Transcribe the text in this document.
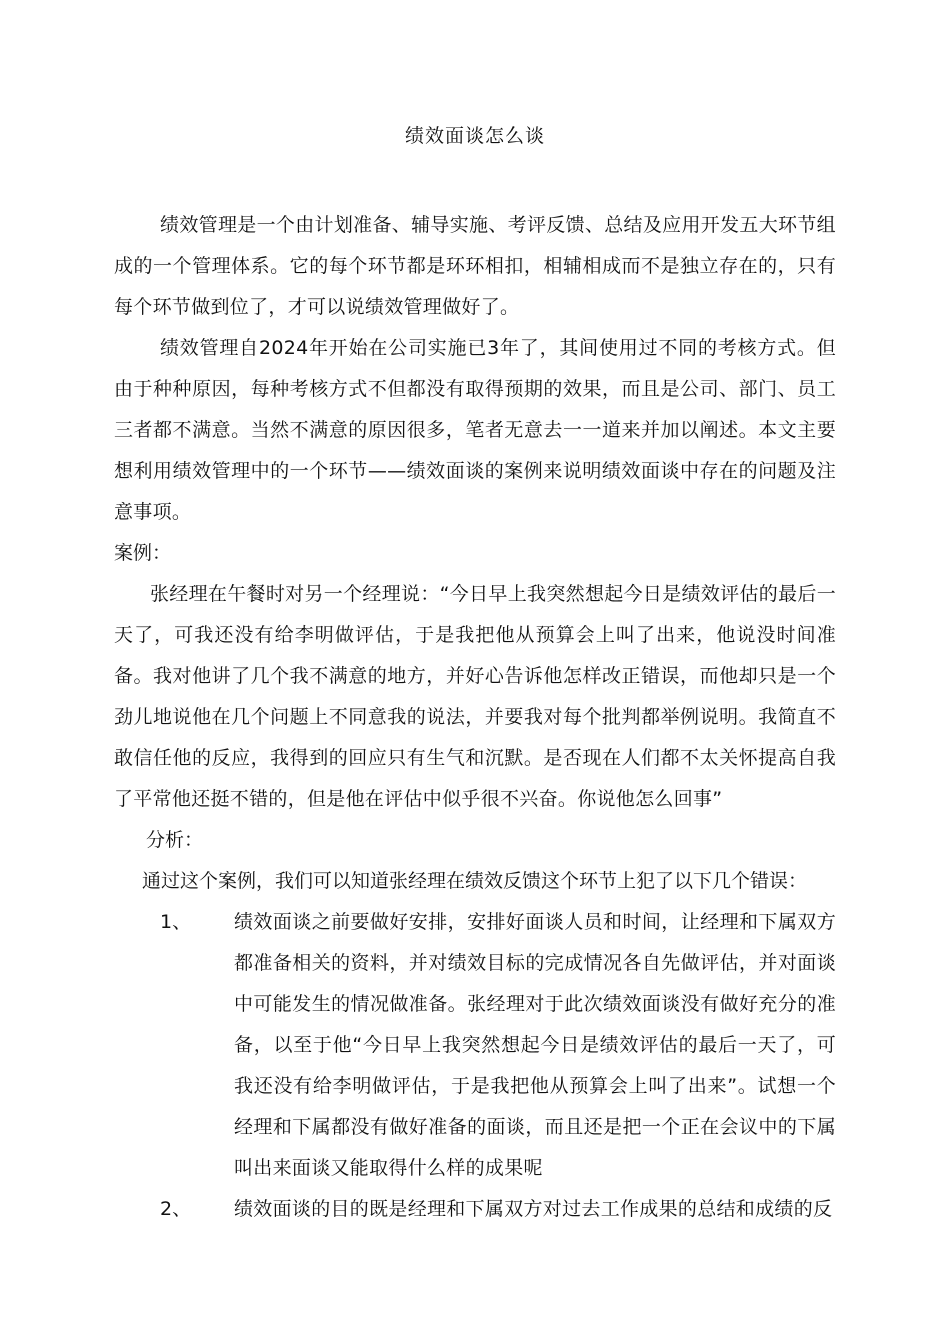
绩效面谈怎么谈

绩效管理是一个由计划准备、辅导实施、考评反馈、总结及应用开发五大环节组成的一个管理体系。它的每个环节都是环环相扣，相辅相成而不是独立存在的，只有每个环节做到位了，才可以说绩效管理做好了。

绩效管理自2024年开始在公司实施已3年了，其间使用过不同的考核方式。但由于种种原因，每种考核方式不但都没有取得预期的效果，而且是公司、部门、员工三者都不满意。当然不满意的原因很多，笔者无意去一一道来并加以阐述。本文主要想利用绩效管理中的一个环节——绩效面谈的案例来说明绩效面谈中存在的问题及注意事项。

案例：

张经理在午餐时对另一个经理说：“今日早上我突然想起今日是绩效评估的最后一天了，可我还没有给李明做评估，于是我把他从预算会上叫了出来，他说没时间准备。我对他讲了几个我不满意的地方，并好心告诉他怎样改正错误，而他却只是一个劲儿地说他在几个问题上不同意我的说法，并要我对每个批判都举例说明。我简直不敢信任他的反应，我得到的回应只有生气和沉默。是否现在人们都不太关怀提高自我了平常他还挺不错的，但是他在评估中似乎很不兴奋。你说他怎么回事”

分析：

通过这个案例，我们可以知道张经理在绩效反馈这个环节上犯了以下几个错误：

1、 绩效面谈之前要做好安排，安排好面谈人员和时间，让经理和下属双方都准备相关的资料，并对绩效目标的完成情况各自先做评估，并对面谈中可能发生的情况做准备。张经理对于此次绩效面谈没有做好充分的准备，以至于他“今日早上我突然想起今日是绩效评估的最后一天了，可我还没有给李明做评估，于是我把他从预算会上叫了出来”。试想一个经理和下属都没有做好准备的面谈，而且还是把一个正在会议中的下属叫出来面谈又能取得什么样的成果呢

2、 绩效面谈的目的既是经理和下属双方对过去工作成果的总结和成绩的反
